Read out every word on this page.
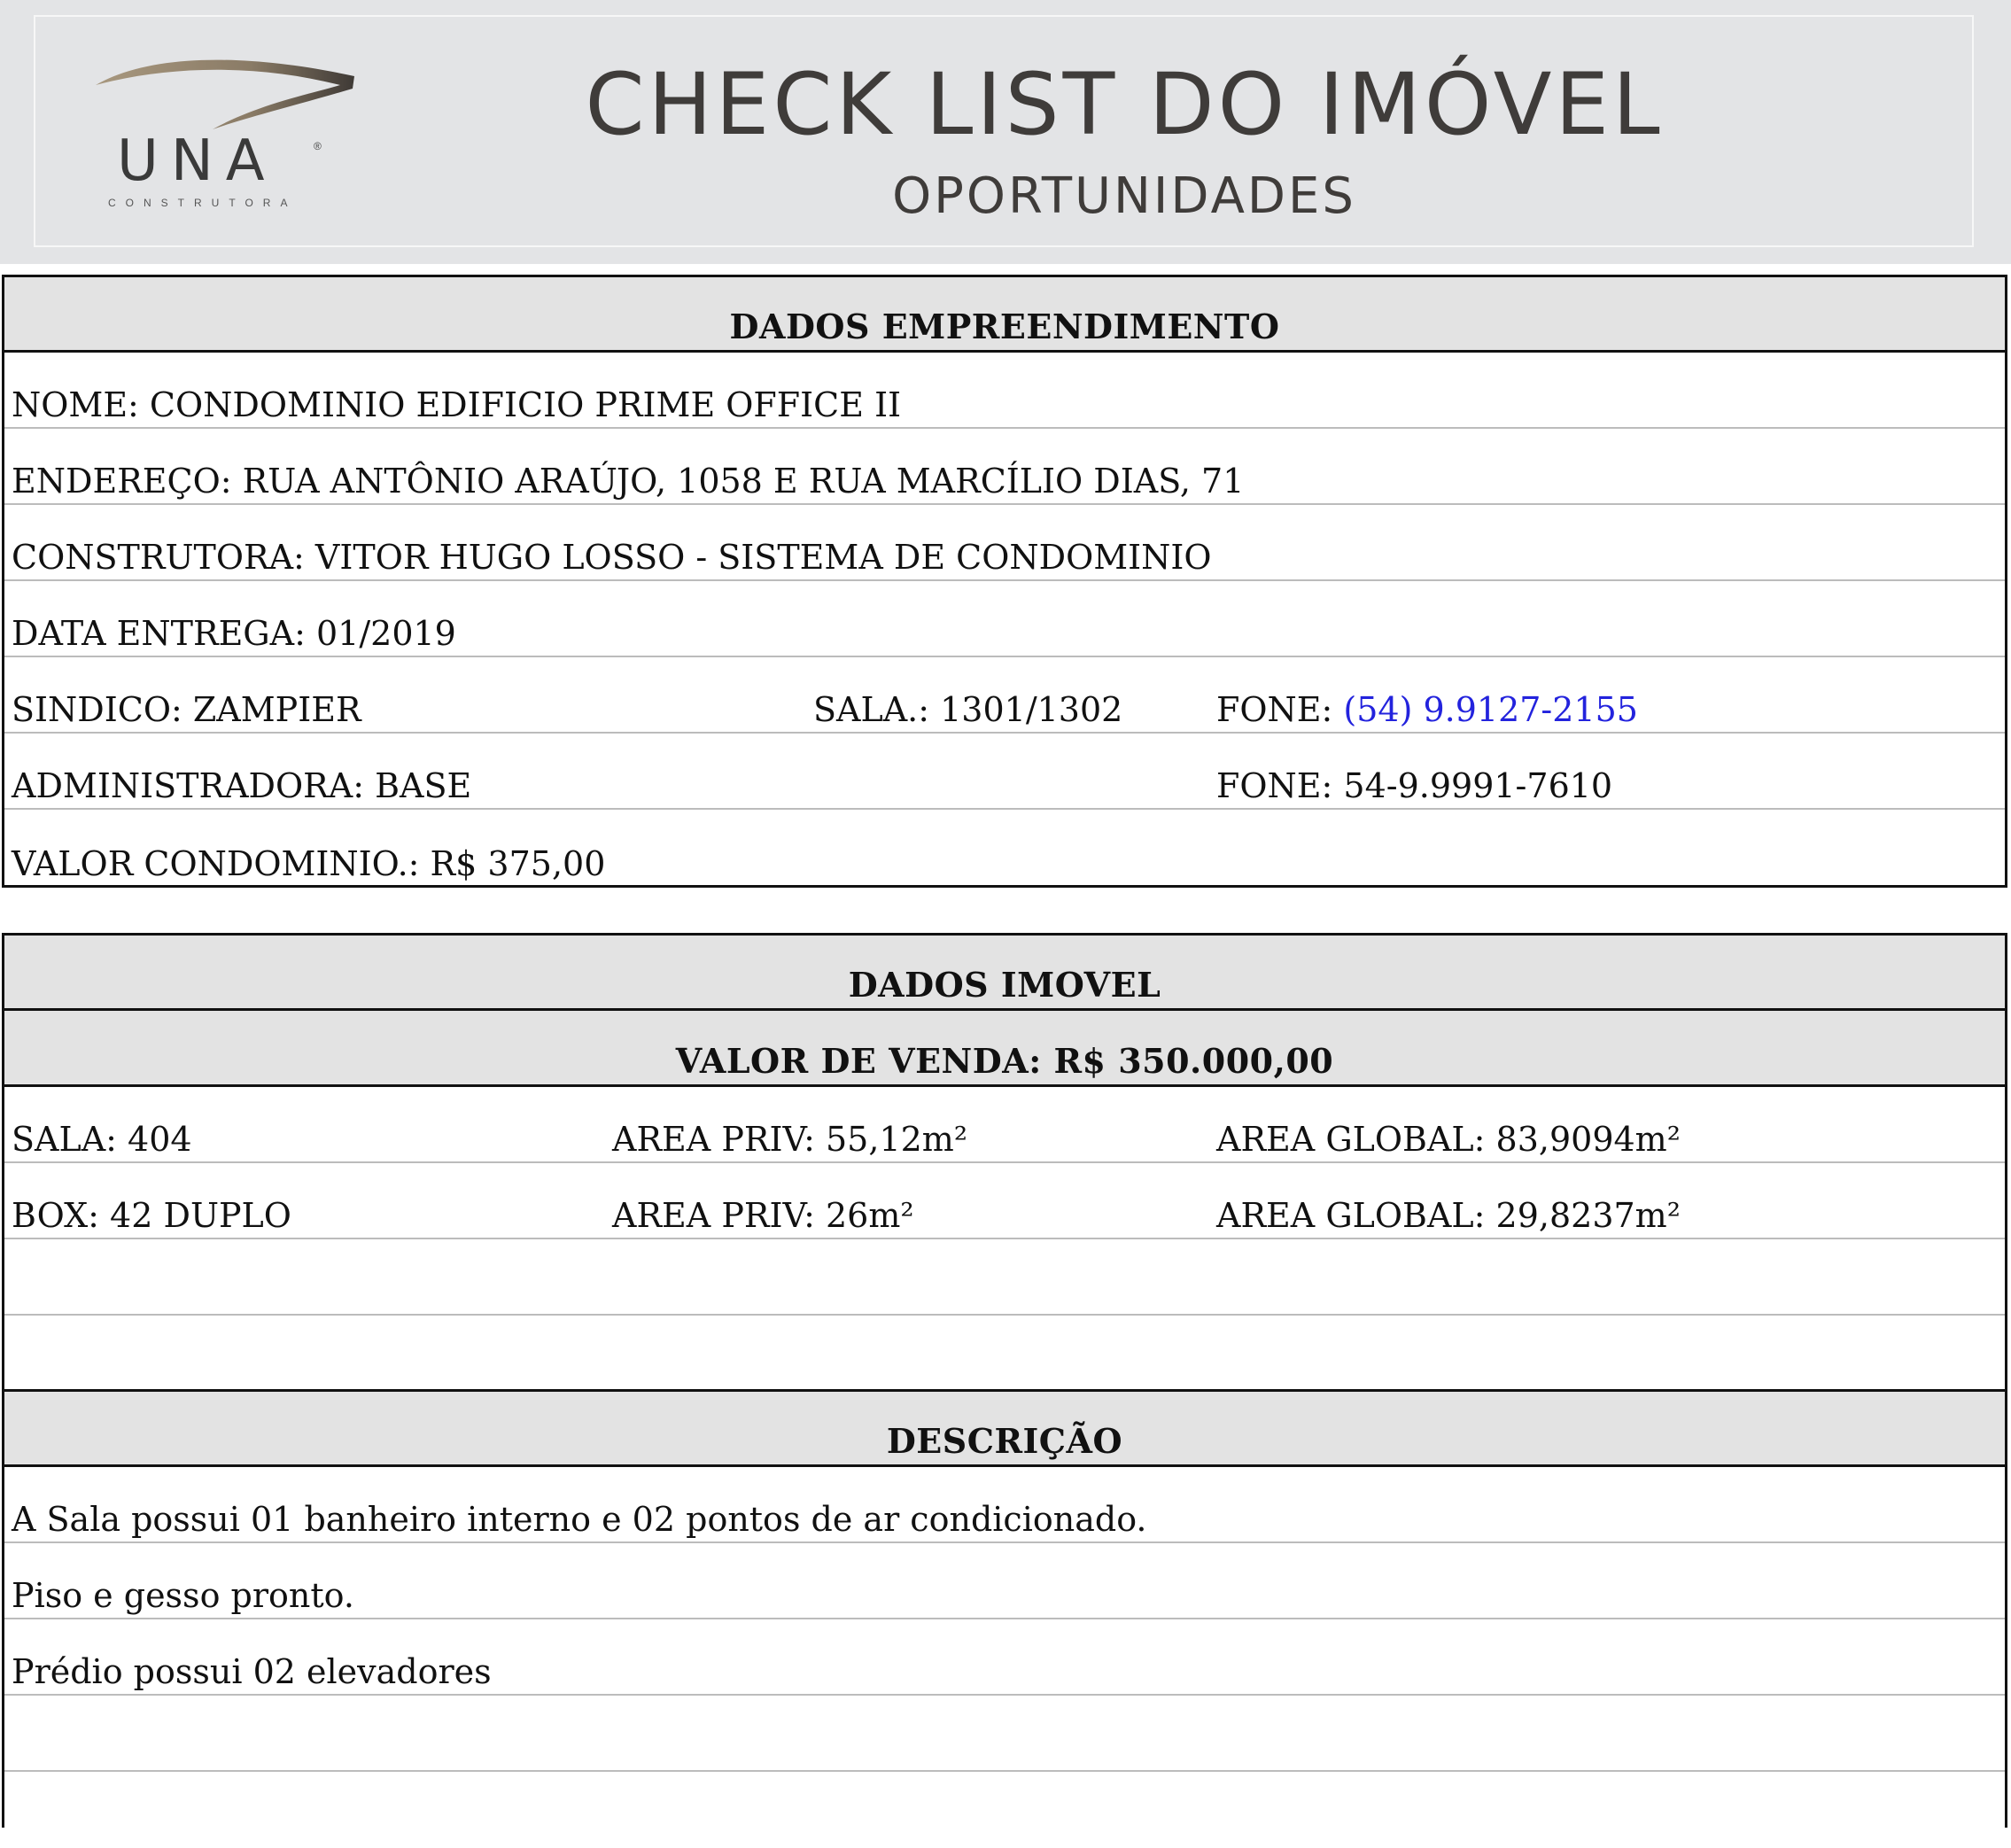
UNA	®
CONSTRUTORA
CHECK LIST DO IMÓVEL
OPORTUNIDADES
DADOS EMPREENDIMENTO
NOME: CONDOMINIO EDIFICIO PRIME OFFICE II
ENDEREÇO: RUA ANTÔNIO ARAÚJO, 1058 E RUA MARCÍLIO DIAS, 71
CONSTRUTORA: VITOR HUGO LOSSO - SISTEMA DE CONDOMINIO
DATA ENTREGA: 01/2019
SINDICO: ZAMPIER	SALA.: 1301/1302	FONE: (54) 9.9127-2155
ADMINISTRADORA: BASE	FONE: 54-9.9991-7610
VALOR CONDOMINIO.: R$ 375,00
DADOS IMOVEL
VALOR DE VENDA: R$ 350.000,00
SALA: 404	AREA PRIV: 55,12m²	AREA GLOBAL: 83,9094m²
BOX: 42 DUPLO	AREA PRIV: 26m²	AREA GLOBAL: 29,8237m²
DESCRIÇÃO
A Sala possui 01 banheiro interno e 02 pontos de ar condicionado.
Piso e gesso pronto.
Prédio possui 02 elevadores
